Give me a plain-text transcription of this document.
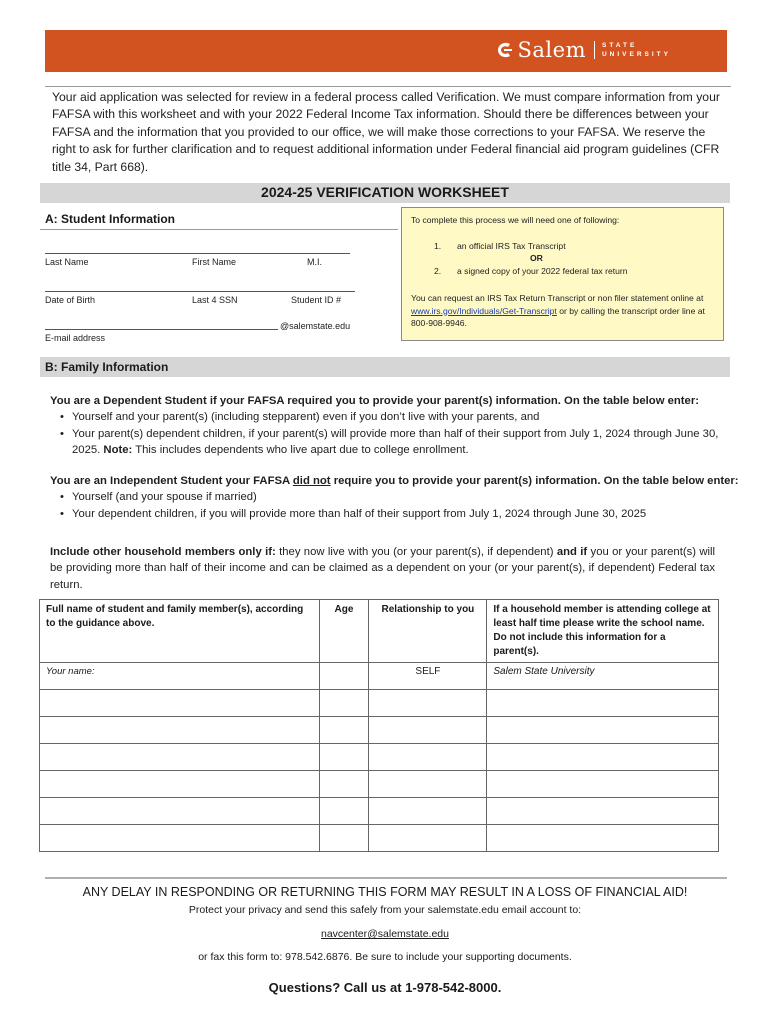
Salem STATE
UNIVERSITY
Your aid application was selected for review in a federal process called Verification. We must compare information from your FAFSA with this worksheet and with your 2022 Federal Income Tax information. Should there be differences between your FAFSA and the information that you provided to our office, we will make those corrections to your FAFSA. We reserve the right to ask for further clarification and to request additional information under Federal financial aid program guidelines (CFR title 34, Part 668).
2024-25 VERIFICATION WORKSHEET
A: Student Information
Last Name	First Name	M.I.
Date of Birth	Last 4 SSN	Student ID #
@salemstate.edu
E-mail address
To complete this process we will need one of following:
1. an official IRS Tax Transcript
OR
2. a signed copy of your 2022 federal tax return
You can request an IRS Tax Return Transcript or non filer statement online at www.irs.gov/Individuals/Get-Transcript or by calling the transcript order line at 800-908-9946.
B: Family Information
You are a Dependent Student if your FAFSA required you to provide your parent(s) information. On the table below enter:
• Yourself and your parent(s) (including stepparent) even if you don’t live with your parents, and
• Your parent(s) dependent children, if your parent(s) will provide more than half of their support from July 1, 2024 through June 30, 2025. Note: This includes dependents who live apart due to college enrollment.
You are an Independent Student your FAFSA did not require you to provide your parent(s) information. On the table below enter:
• Yourself (and your spouse if married)
• Your dependent children, if you will provide more than half of their support from July 1, 2024 through June 30, 2025
Include other household members only if: they now live with you (or your parent(s), if dependent) and if you or your parent(s) will be providing more than half of their income and can be claimed as a dependent on your (or your parent(s), if dependent) Federal tax return.
Full name of student and family member(s), according to the guidance above.	Age	Relationship to you	If a household member is attending college at least half time please write the school name. Do not include this information for a parent(s).
Your name:		SELF	Salem State University

ANY DELAY IN RESPONDING OR RETURNING THIS FORM MAY RESULT IN A LOSS OF FINANCIAL AID!
Protect your privacy and send this safely from your salemstate.edu email account to:
navcenter@salemstate.edu
or fax this form to: 978.542.6876. Be sure to include your supporting documents.
Questions? Call us at 1-978-542-8000.
